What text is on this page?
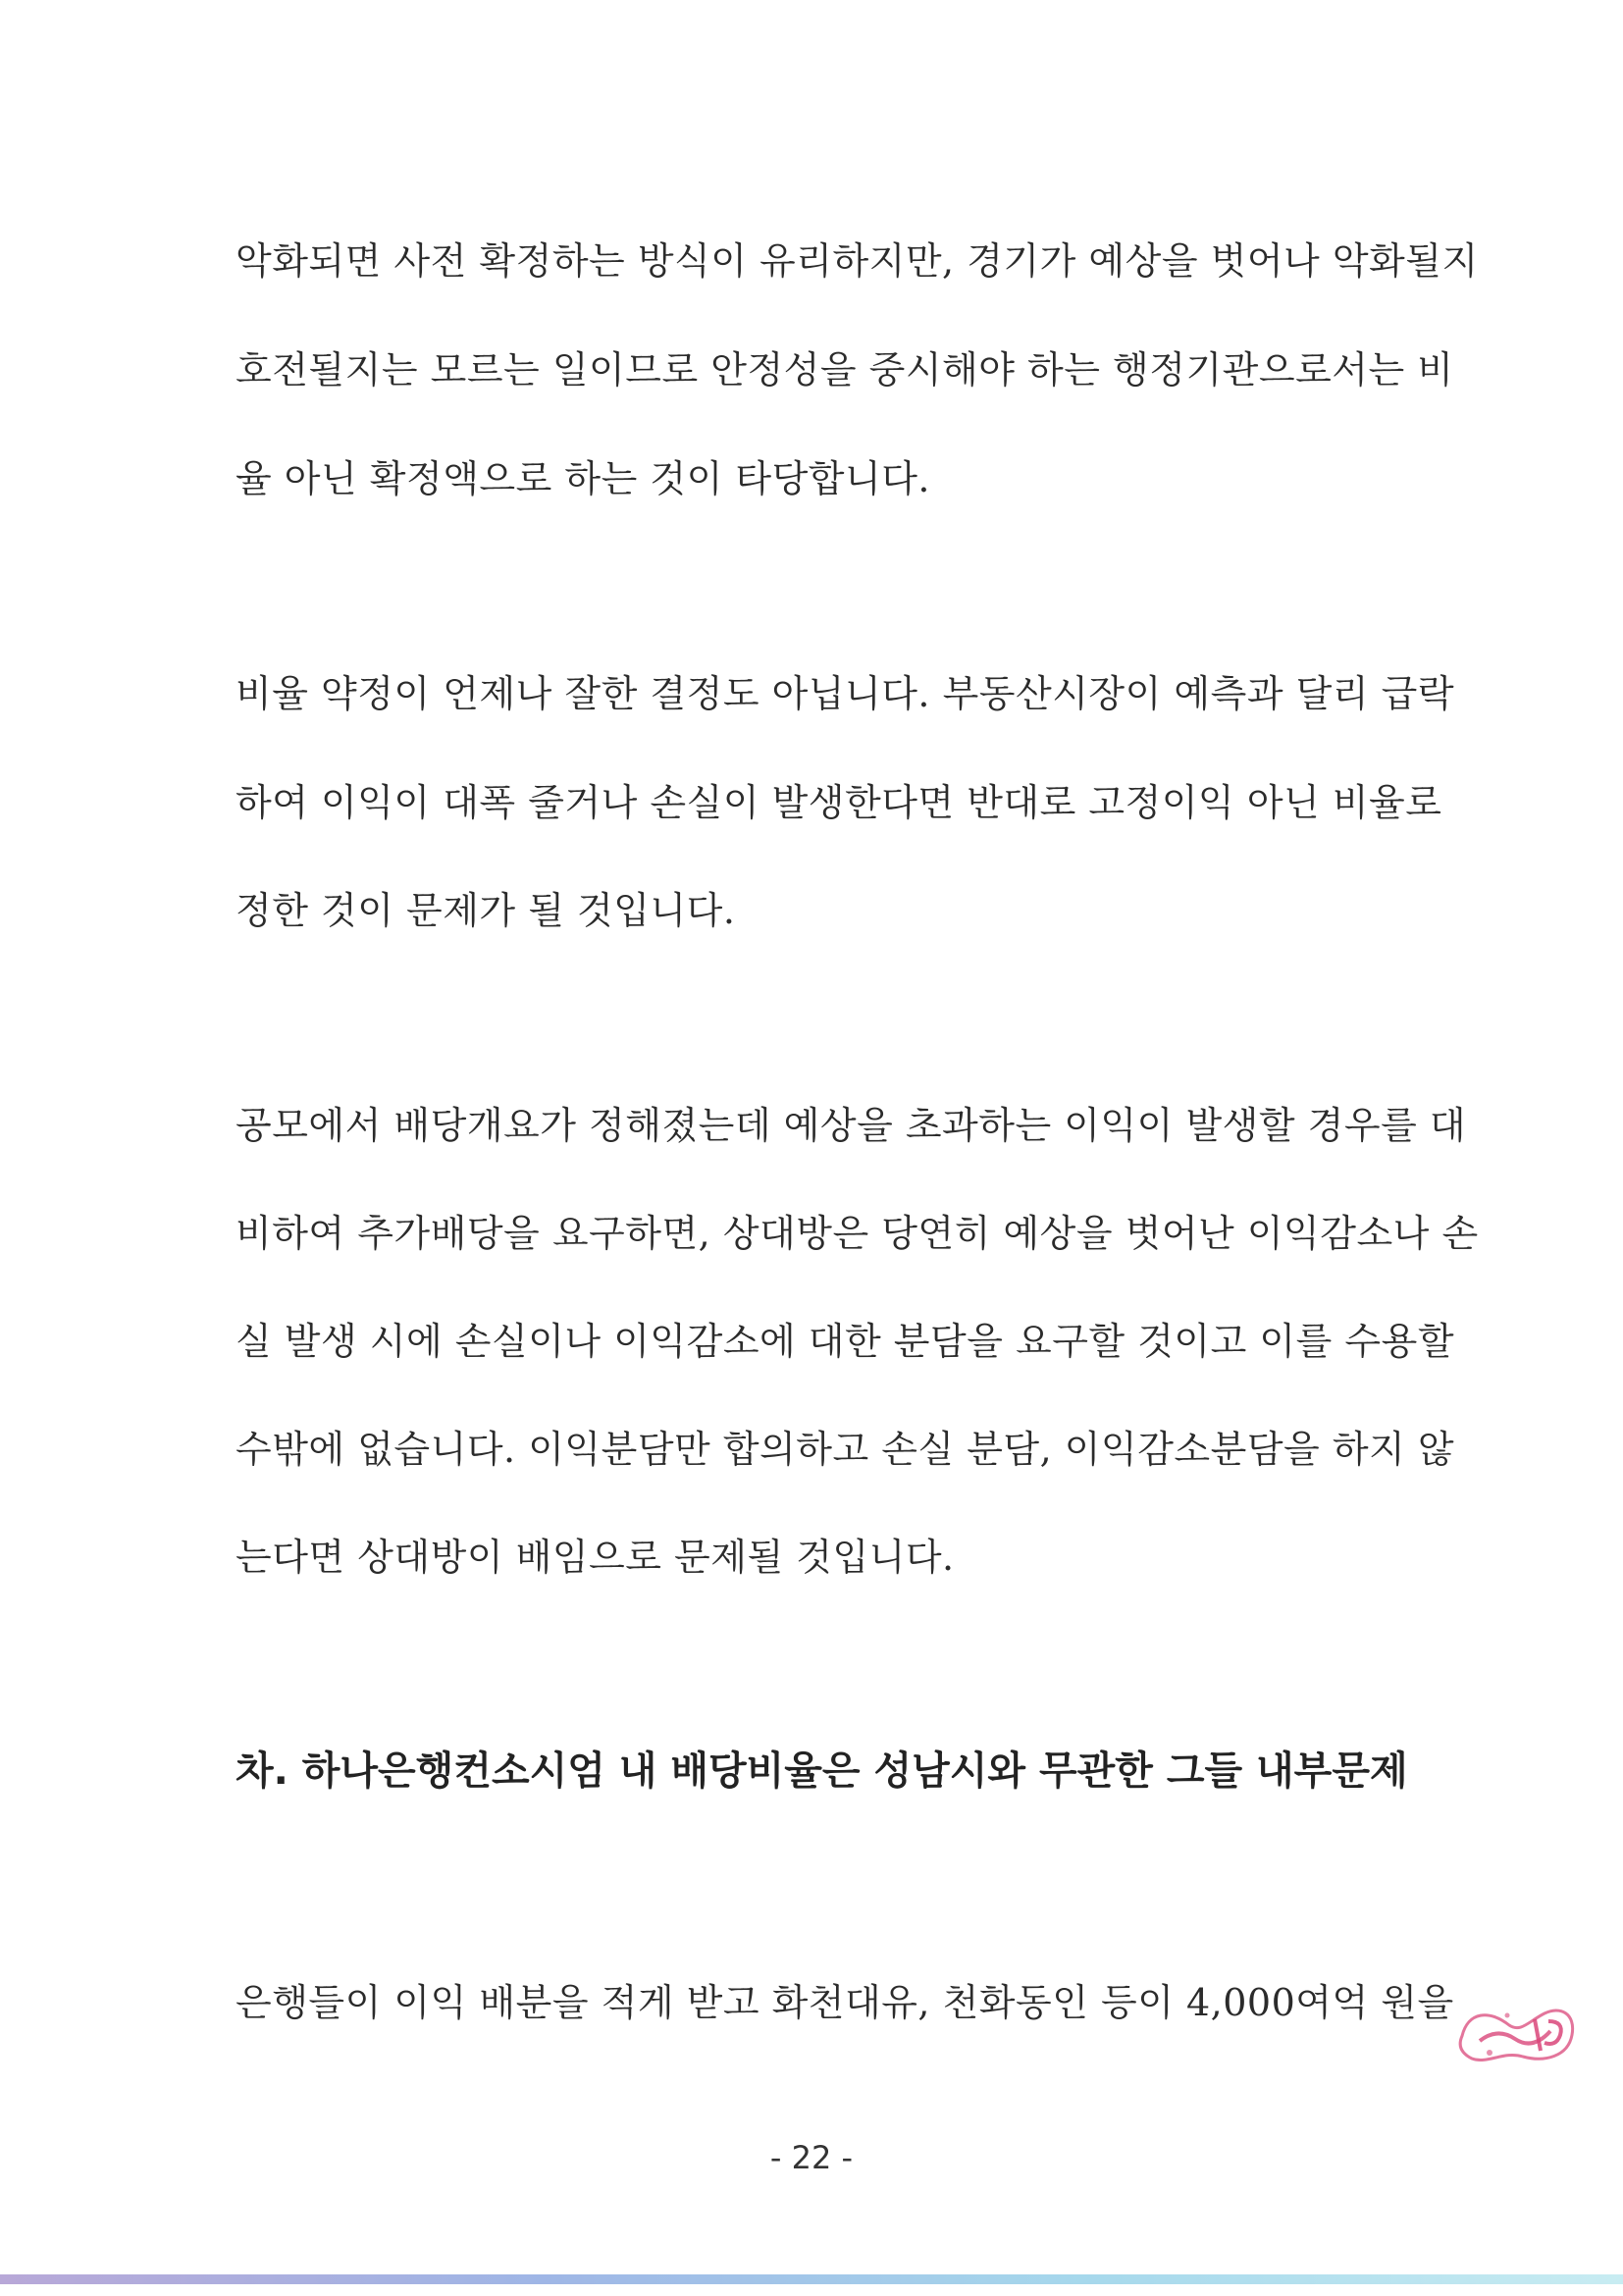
악화되면 사전 확정하는 방식이 유리하지만, 경기가 예상을 벗어나 악화될지
호전될지는 모르는 일이므로 안정성을 중시해야 하는 행정기관으로서는 비
율 아닌 확정액으로 하는 것이 타당합니다.
비율 약정이 언제나 잘한 결정도 아닙니다. 부동산시장이 예측과 달리 급락
하여 이익이 대폭 줄거나 손실이 발생한다면 반대로 고정이익 아닌 비율로
정한 것이 문제가 될 것입니다.
공모에서 배당개요가 정해졌는데 예상을 초과하는 이익이 발생할 경우를 대
비하여 추가배당을 요구하면, 상대방은 당연히 예상을 벗어난 이익감소나 손
실 발생 시에 손실이나 이익감소에 대한 분담을 요구할 것이고 이를 수용할
수밖에 없습니다. 이익분담만 합의하고 손실 분담, 이익감소분담을 하지 않
는다면 상대방이 배임으로 문제될 것입니다.
차. 하나은행컨소시엄 내 배당비율은 성남시와 무관한 그들 내부문제
은행들이 이익 배분을 적게 받고 화천대유, 천화동인 등이 4,000여억 원을
- 22 -
